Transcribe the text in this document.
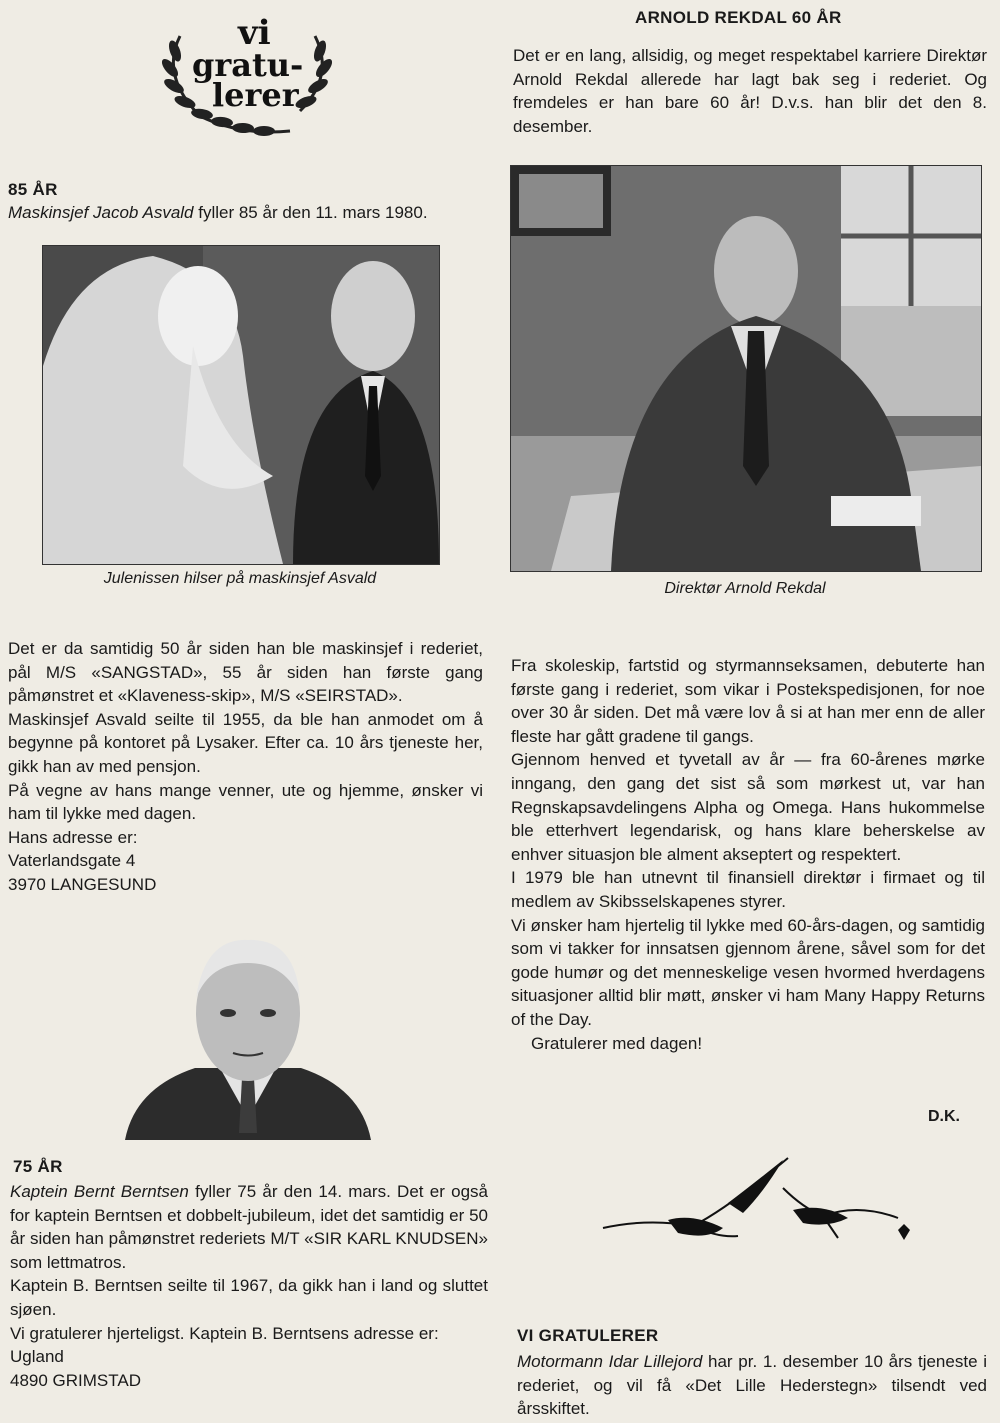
vi
gratu-
lerer
ARNOLD REKDAL 60 ÅR
Det er en lang, allsidig, og meget respektabel karriere Direktør Arnold Rekdal allerede har lagt bak seg i rederiet. Og fremdeles er han bare 60 år! D.v.s. han blir det den 8. desember.
Direktør Arnold Rekdal

Fra skoleskip, fartstid og styrmannseksamen, debuterte han første gang i rederiet, som vikar i Postekspedisjonen, for noe over 30 år siden. Det må være lov å si at han mer enn de aller fleste har gått gradene til gangs.

Gjennom henved et tyvetall av år — fra 60-årenes mørke inngang, den gang det sist så som mørkest ut, var han Regnskapsavdelingens Alpha og Omega. Hans hukommelse ble etterhvert legendarisk, og hans klare beherskelse av enhver situasjon ble alment akseptert og respektert.

I 1979 ble han utnevnt til finansiell direktør i firmaet og til medlem av Skibsselskapenes styrer.

Vi ønsker ham hjertelig til lykke med 60-års-dagen, og samtidig som vi takker for innsatsen gjennom årene, såvel som for det gode humør og det menneskelige vesen hvormed hverdagens situasjoner alltid blir møtt, ønsker vi ham Many Happy Returns of the Day.

Gratulerer med dagen!

D.K.
VI GRATULERER
Motormann Idar Lillejord har pr. 1. desember 10 års tjeneste i rederiet, og vil få «Det Lille Hederstegn» tilsendt ved årsskiftet.
85 ÅR
Maskinsjef Jacob Asvald fyller 85 år den 11. mars 1980.
Julenissen hilser på maskinsjef Asvald

Det er da samtidig 50 år siden han ble maskinsjef i rederiet, pål M/S «SANGSTAD», 55 år siden han første gang påmønstret et «Klaveness-skip», M/S «SEIRSTAD».

Maskinsjef Asvald seilte til 1955, da ble han anmodet om å begynne på kontoret på Lysaker. Efter ca. 10 års tjeneste her, gikk han av med pensjon.

På vegne av hans mange venner, ute og hjemme, ønsker vi ham til lykke med dagen.

Hans adresse er:

Vaterlandsgate 4

3970 LANGESUND

75 ÅR

Kaptein Bernt Berntsen fyller 75 år den 14. mars. Det er også for kaptein Berntsen et dobbelt-jubileum, idet det samtidig er 50 år siden han påmønstret rederiets M/T «SIR KARL KNUDSEN» som lettmatros.

Kaptein B. Berntsen seilte til 1967, da gikk han i land og sluttet sjøen.

Vi gratulerer hjerteligst. Kaptein B. Berntsens adresse er:

Ugland

4890 GRIMSTAD
